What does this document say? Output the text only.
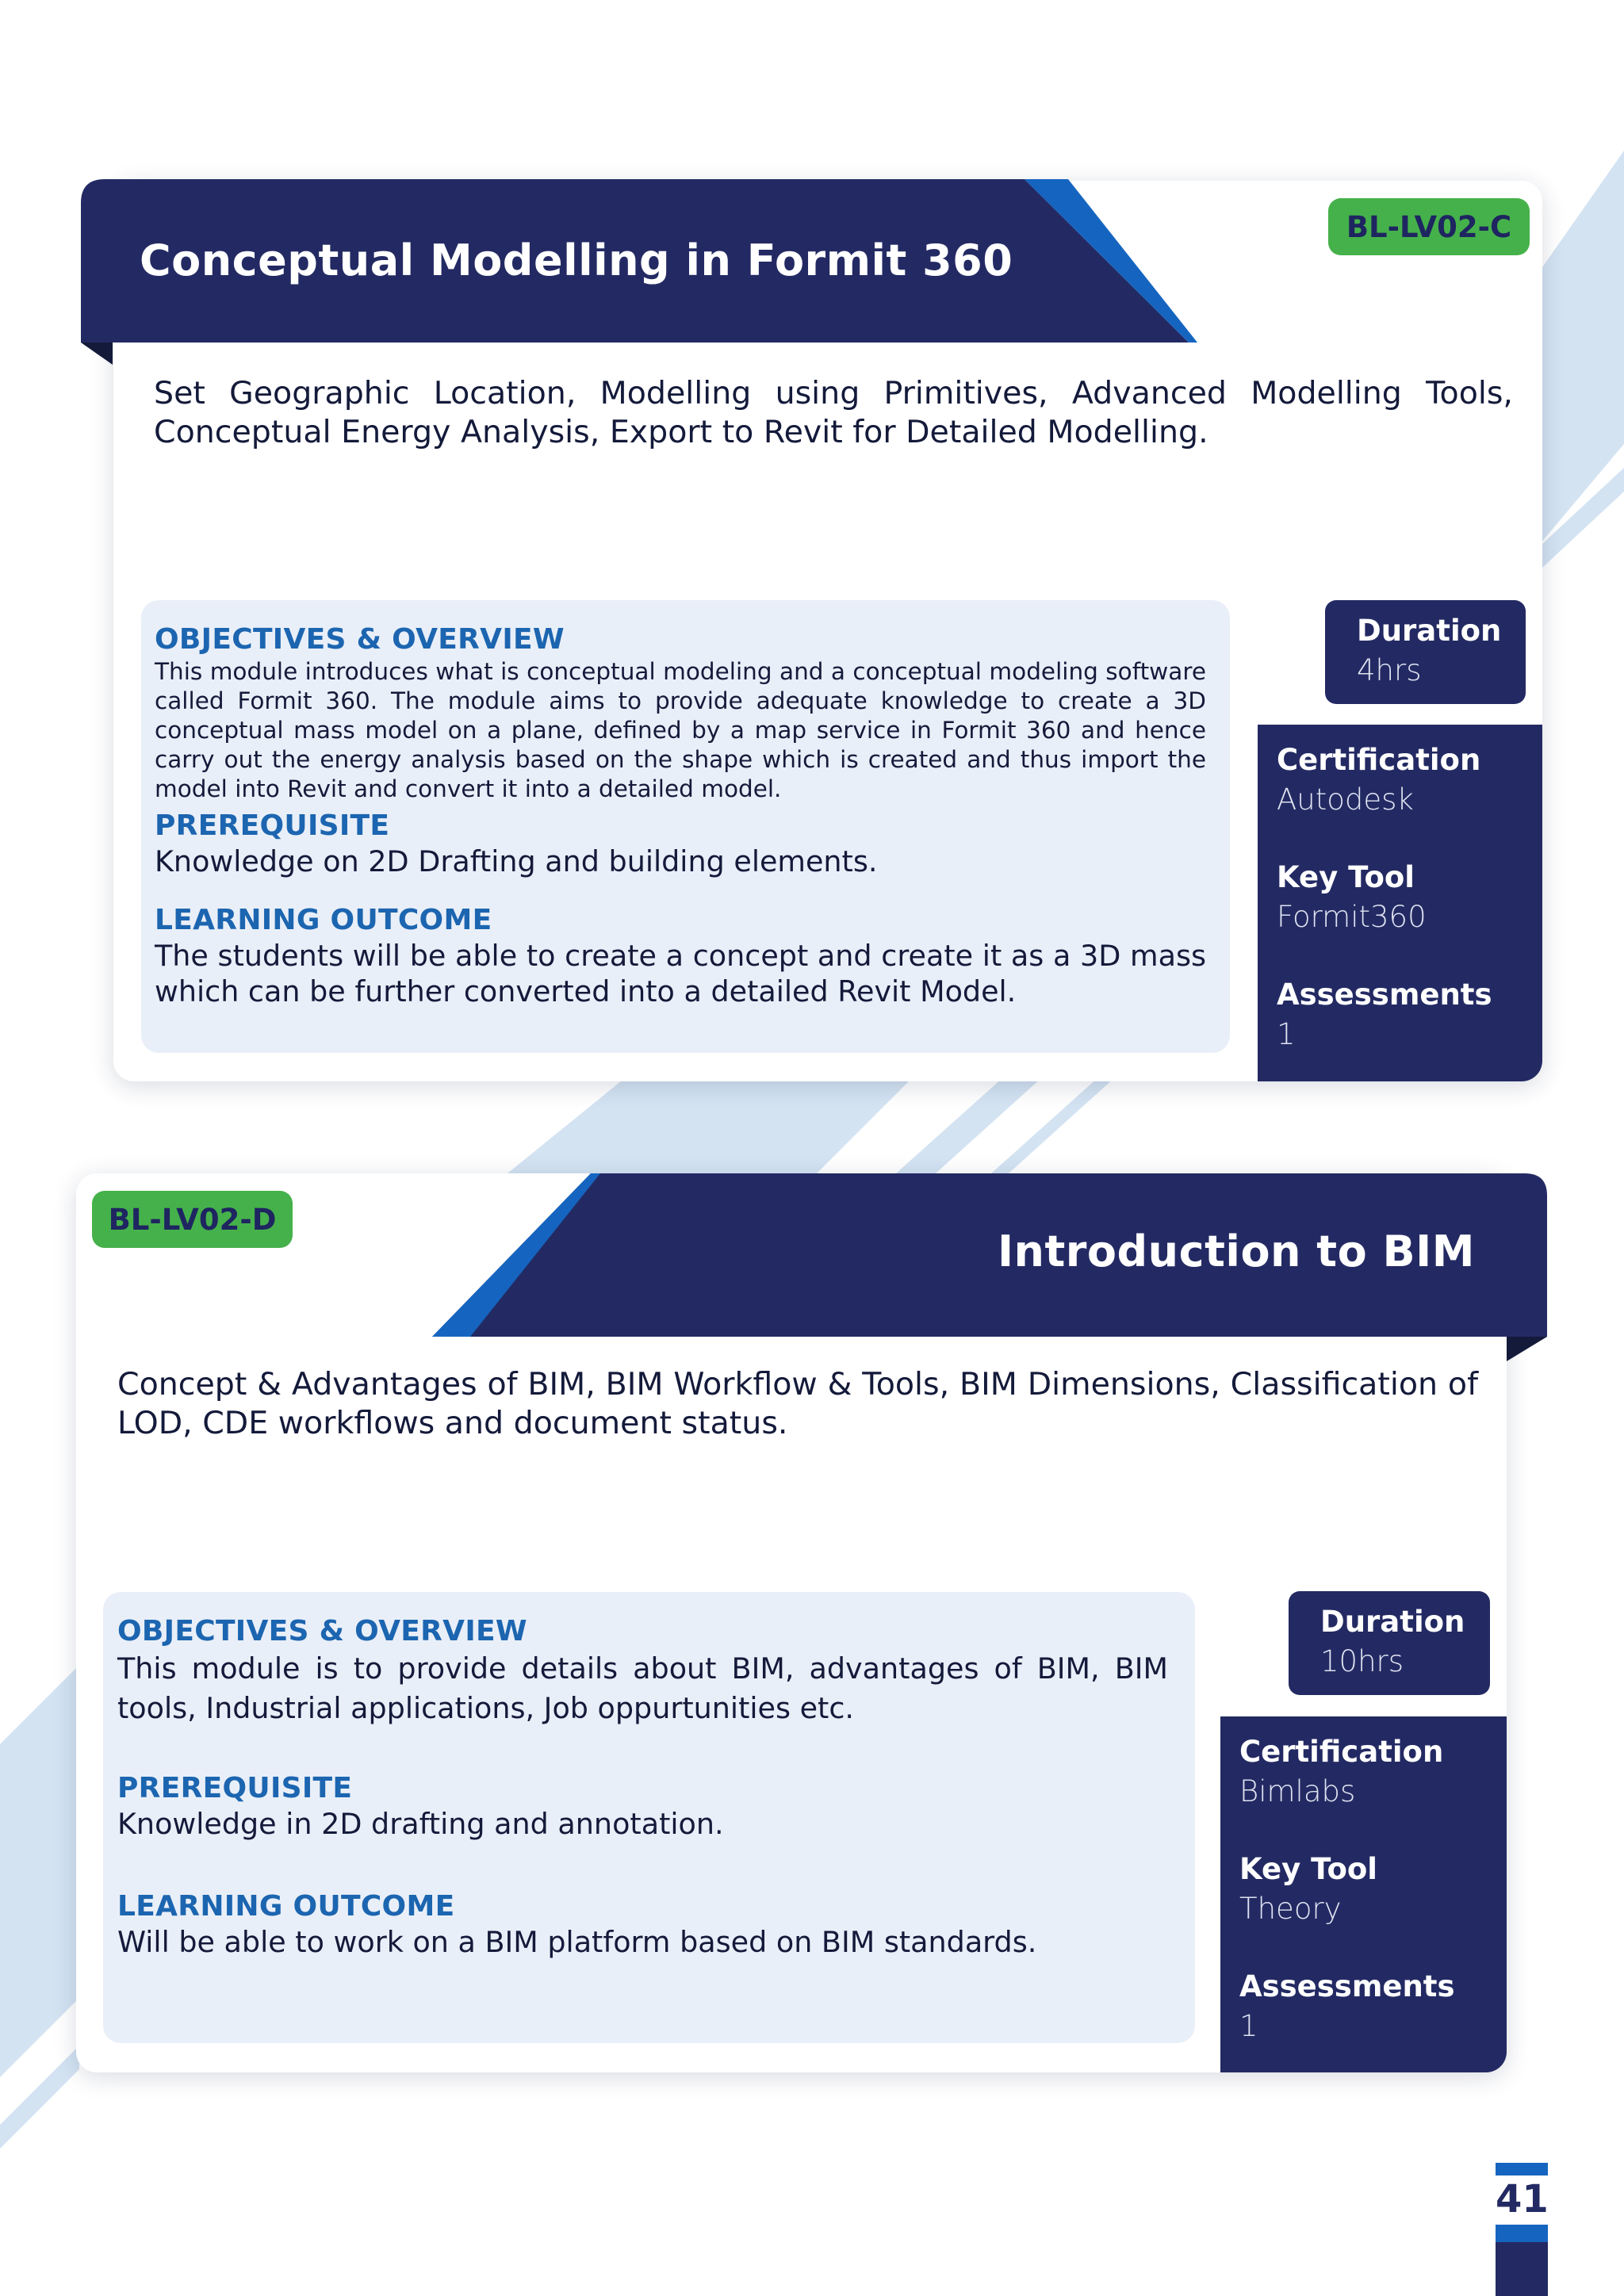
Conceptual Modelling in Formit 360
BL-LV02-C
Set Geographic Location, Modelling using Primitives, Advanced Modelling Tools, Conceptual Energy Analysis, Export to Revit for Detailed Modelling.
OBJECTIVES & OVERVIEW
This module introduces what is conceptual modeling and a conceptual modeling software called Formit 360. The module aims to provide adequate knowledge to create a 3D conceptual mass model on a plane, defined by a map service in Formit 360 and hence carry out the energy analysis based on the shape which is created and thus import the model into Revit and convert it into a detailed model.
PREREQUISITE
Knowledge on 2D Drafting and building elements.
LEARNING OUTCOME
The students will be able to create a concept and create it as a 3D mass which can be further converted into a detailed Revit Model.
Duration
4hrs
Certification
Autodesk
Key Tool
Formit360
Assessments
1
Introduction to BIM
BL-LV02-D
Concept & Advantages of BIM, BIM Workflow & Tools, BIM Dimensions, Classification of LOD, CDE workflows and document status.
OBJECTIVES & OVERVIEW
This module is to provide details about BIM, advantages of BIM, BIM tools, Industrial applications, Job oppurtunities etc.
PREREQUISITE
Knowledge in 2D drafting and annotation.
LEARNING OUTCOME
Will be able to work on a BIM platform based on BIM standards.
Duration
10hrs
Certification
Bimlabs
Key Tool
Theory
Assessments
1
41
